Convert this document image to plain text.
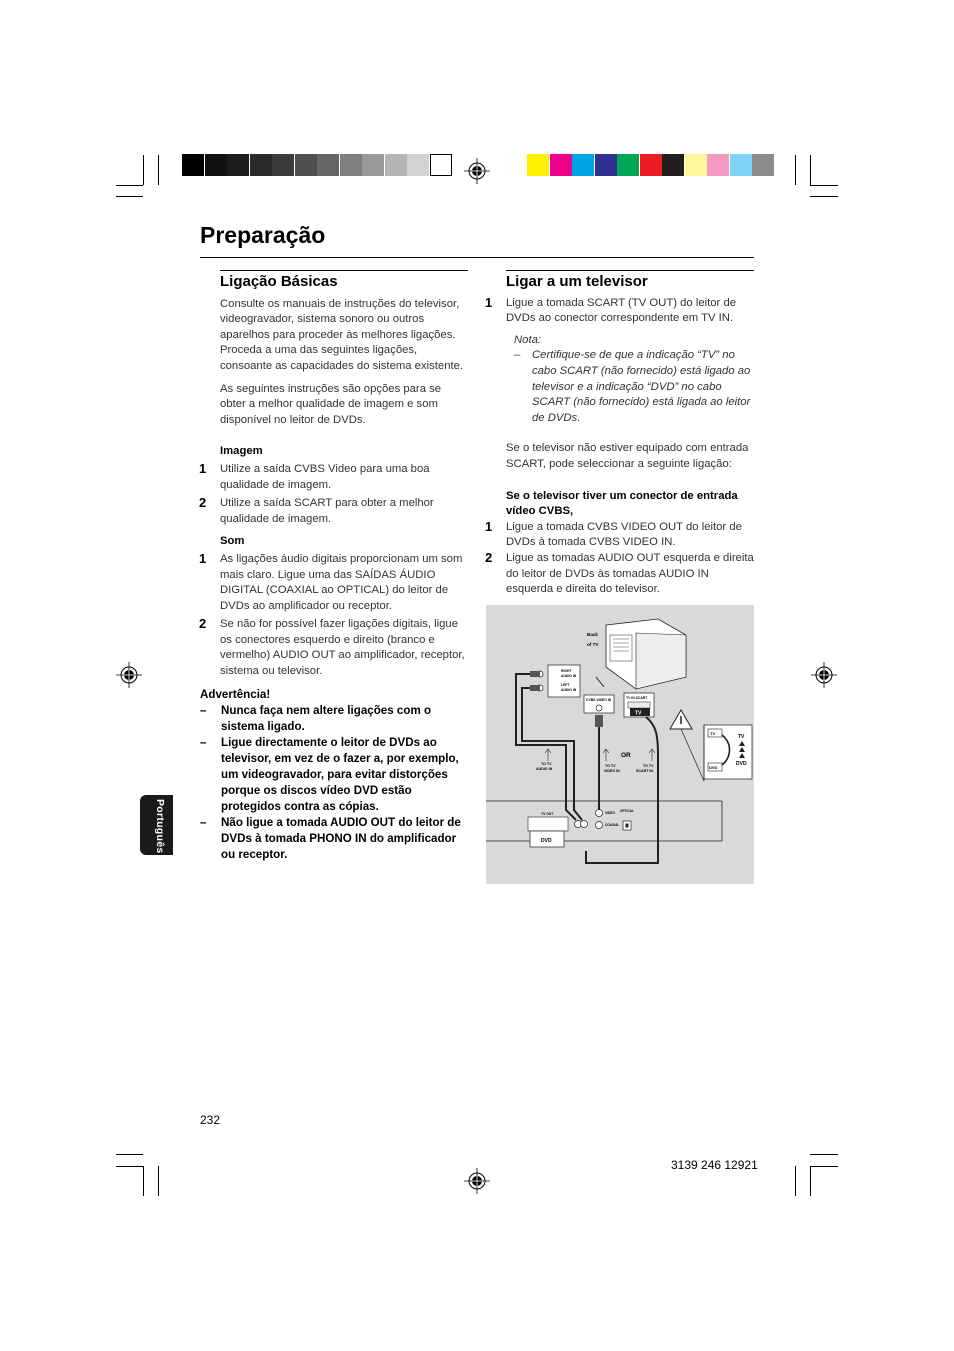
Preparação
Português
Ligação Básicas

Consulte os manuais de instruções do televisor, videogravador, sistema sonoro ou outros aparelhos para proceder às melhores ligações. Proceda a uma das seguintes ligações, consoante as capacidades do sistema existente.

As seguintes instruções são opções para se obter a melhor qualidade de imagem e som disponível no leitor de DVDs.

Imagem

1 Utilize a saída CVBS Video para uma boa qualidade de imagem.

2 Utilize a saída SCART para obter a melhor qualidade de imagem.

Som

1 As ligações áudio digitais proporcionam um som mais claro. Ligue uma das SAÍDAS ÁUDIO DIGITAL (COAXIAL ao OPTICAL) do leitor de DVDs ao amplificador ou receptor.

2 Se não for possível fazer ligações digitais, ligue os conectores esquerdo e direito (branco e vermelho) AUDIO OUT ao amplificador, receptor, sistema ou televisor.

Advertência!

– Nunca faça nem altere ligações com o sistema ligado.

– Ligue directamente o leitor de DVDs ao televisor, em vez de o fazer a, por exemplo, um videogravador, para evitar distorções porque os discos vídeo DVD estão protegidos contra as cópias.

– Não ligue a tomada AUDIO OUT do leitor de DVDs à tomada PHONO IN do amplificador ou receptor.

Ligar a um televisor
1 Ligue a tomada SCART (TV OUT) do leitor de DVDs ao conector correspondente em TV IN.

Nota:

– Certifique-se de que a indicação “TV” no cabo SCART (não fornecido) está ligado ao televisor e a indicação “DVD” no cabo SCART (não fornecido) está ligada ao leitor de DVDs.

Se o televisor não estiver equipado com entrada SCART, pode seleccionar a seguinte ligação:

Se o televisor tiver um conector de entrada vídeo CVBS,

1 Ligue a tomada CVBS VIDEO OUT do leitor de DVDs à tomada CVBS VIDEO IN.

2 Ligue as tomadas AUDIO OUT esquerda e direita do leitor de DVDs às tomadas AUDIO IN esquerda e direita do televisor.

Back
of TV
RIGHT
AUDIO IN
LEFT
AUDIO IN
CVBS VIDEO IN	TV IN SCART
TV
TV
DVD
TV
DVD
OR
TO TV
AUDIO IN
TO TV
VIDEO IN
TO TV
SCART IN
TV OUT
DVD
VIDEO
COAXIAL
OPTICAL
232
3139 246 12921
